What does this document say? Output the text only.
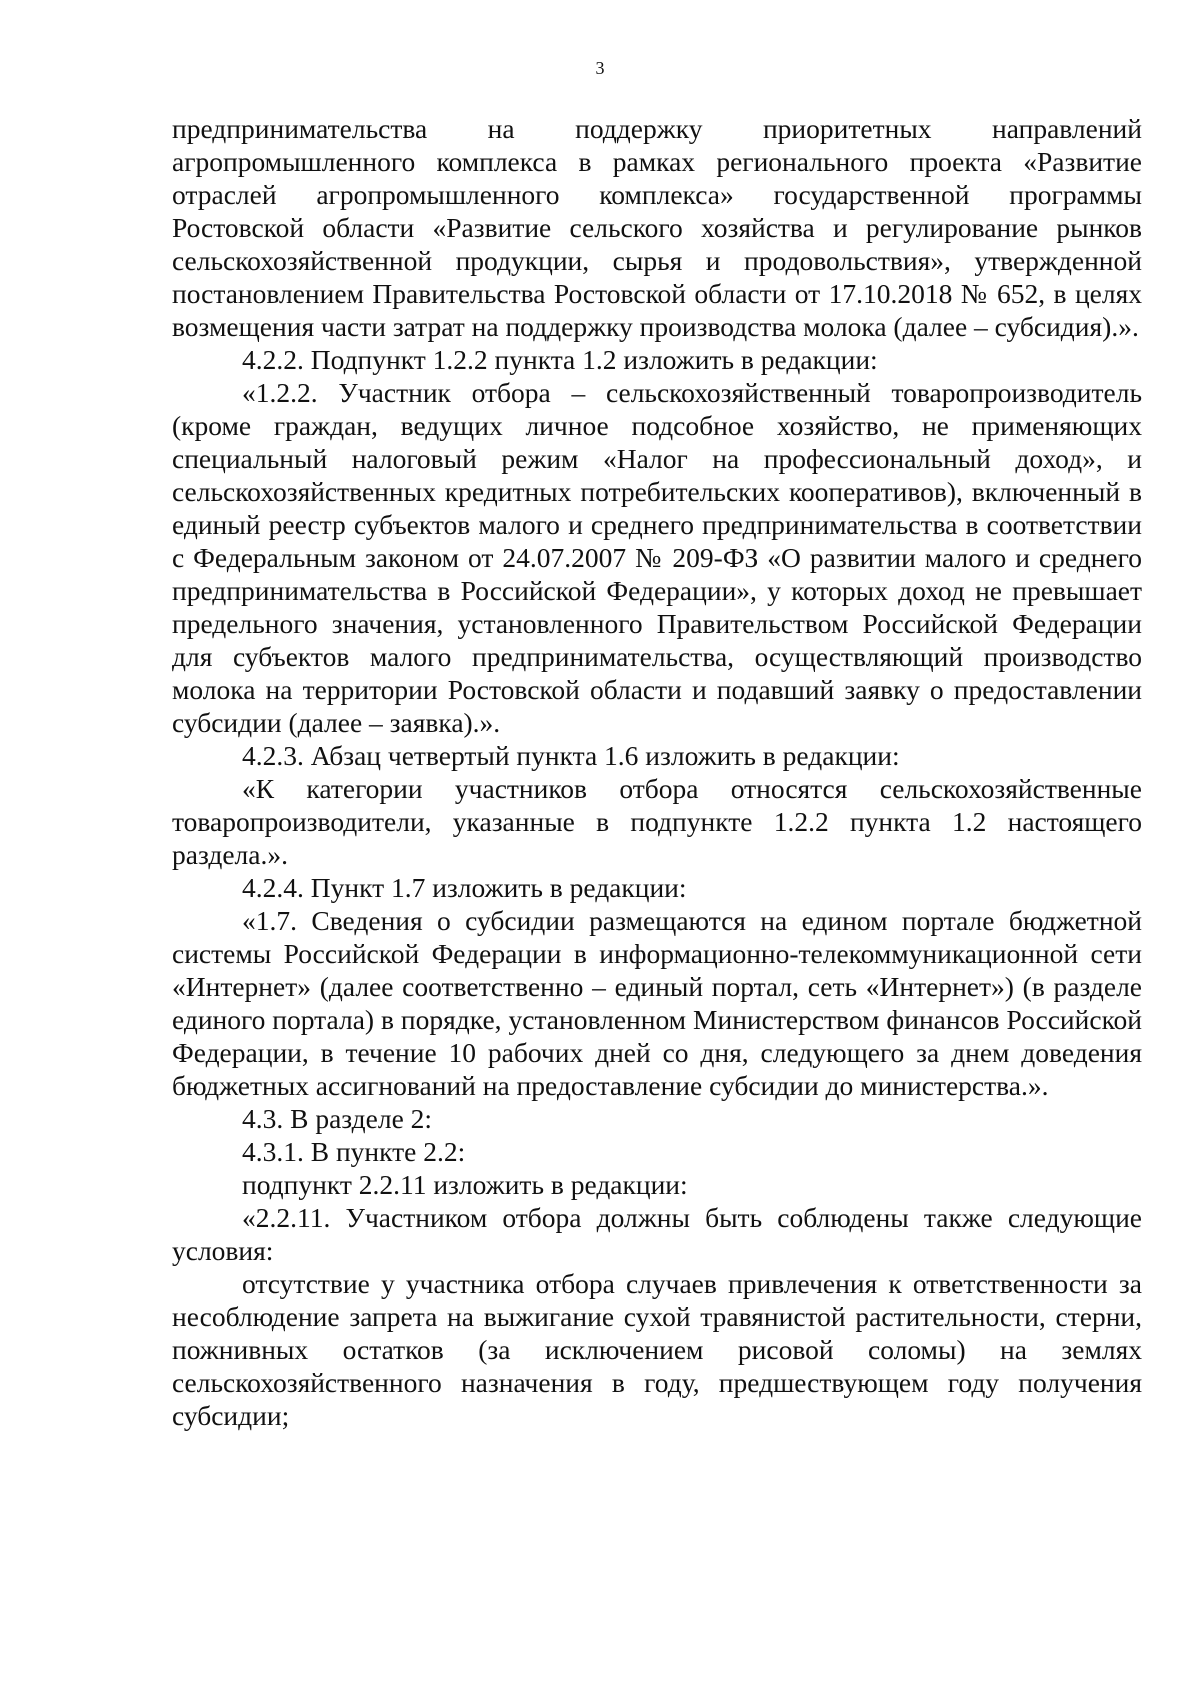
3

предпринимательства на поддержку приоритетных направлений агропромышленного комплекса в рамках регионального проекта «Развитие отраслей агропромышленного комплекса» государственной программы Ростовской области «Развитие сельского хозяйства и регулирование рынков сельскохозяйственной продукции, сырья и продовольствия», утвержденной постановлением Правительства Ростовской области от 17.10.2018 № 652, в целях возмещения части затрат на поддержку производства молока (далее – субсидия).».

4.2.2. Подпункт 1.2.2 пункта 1.2 изложить в редакции:

«1.2.2. Участник отбора – сельскохозяйственный товаропроизводитель (кроме граждан, ведущих личное подсобное хозяйство, не применяющих специальный налоговый режим «Налог на профессиональный доход», и сельскохозяйственных кредитных потребительских кооперативов), включенный в единый реестр субъектов малого и среднего предпринимательства в соответствии с Федеральным законом от 24.07.2007 № 209-ФЗ «О развитии малого и среднего предпринимательства в Российской Федерации», у которых доход не превышает предельного значения, установленного Правительством Российской Федерации для субъектов малого предпринимательства, осуществляющий производство молока на территории Ростовской области и подавший заявку о предоставлении субсидии (далее – заявка).».

4.2.3. Абзац четвертый пункта 1.6 изложить в редакции:

«К категории участников отбора относятся сельскохозяйственные товаропроизводители, указанные в подпункте 1.2.2 пункта 1.2 настоящего раздела.».

4.2.4. Пункт 1.7 изложить в редакции:

«1.7. Сведения о субсидии размещаются на едином портале бюджетной системы Российской Федерации в информационно-телекоммуникационной сети «Интернет» (далее соответственно – единый портал, сеть «Интернет») (в разделе единого портала) в порядке, установленном Министерством финансов Российской Федерации, в течение 10 рабочих дней со дня, следующего за днем доведения бюджетных ассигнований на предоставление субсидии до министерства.».

4.3. В разделе 2:

4.3.1. В пункте 2.2:

подпункт 2.2.11 изложить в редакции:

«2.2.11. Участником отбора должны быть соблюдены также следующие условия:

отсутствие у участника отбора случаев привлечения к ответственности за несоблюдение запрета на выжигание сухой травянистой растительности, стерни, пожнивных остатков (за исключением рисовой соломы) на землях сельскохозяйственного назначения в году, предшествующем году получения субсидии;
